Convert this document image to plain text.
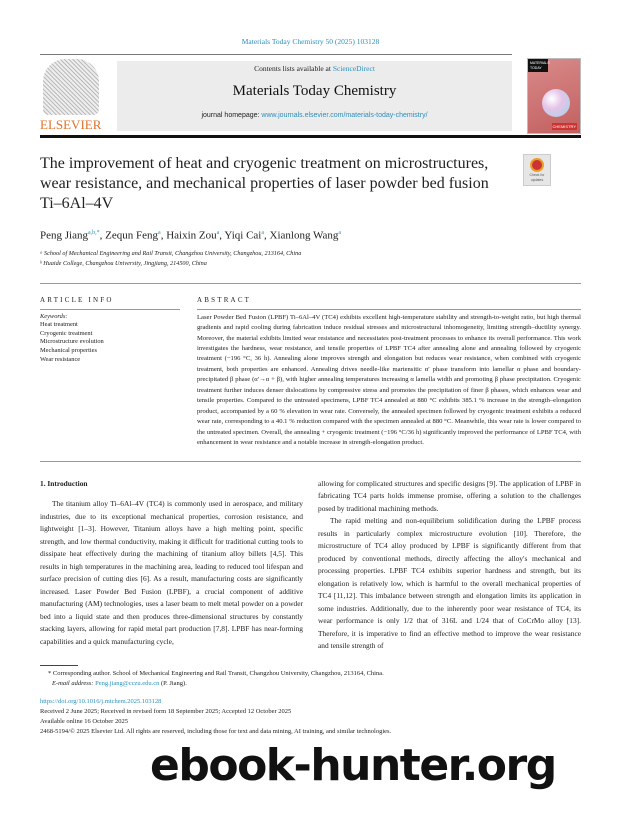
Materials Today Chemistry 50 (2025) 103128
ELSEVIER
Contents lists available at ScienceDirect
Materials Today Chemistry
journal homepage: www.journals.elsevier.com/materials-today-chemistry/
MATERIALS TODAY
CHEMISTRY
The improvement of heat and cryogenic treatment on microstructures, wear resistance, and mechanical properties of laser powder bed fusion Ti–6Al–4V
Check for updates
Peng Jiang$^{a,b,*}$, Zequn Feng$^a$, Haixin Zou$^a$, Yiqi Cai$^a$, Xianlong Wang$^a$
ᵃ School of Mechanical Engineering and Rail Transit, Changzhou University, Changzhou, 213164, China
ᵇ Huaide College, Changzhou University, Jingjiang, 214500, China
ARTICLE INFO
Keywords:
Heat treatment
Cryogenic treatment
Microstructure evolution
Mechanical properties
Wear resistance
ABSTRACT
Laser Powder Bed Fusion (LPBF) Ti–6Al–4V (TC4) exhibits excellent high-temperature stability and strength-to-weight ratio, but high thermal gradients and rapid cooling during fabrication induce residual stresses and microstructural inhomogeneity, limiting strength–ductility synergy. Moreover, the material exhibits limited wear resistance and necessitates post-treatment processes to enhance its overall performance. This work investigates the hardness, wear resistance, and tensile properties of LPBF TC4 after annealing alone and annealing followed by cryogenic treatment (−196 °C, 36 h). Annealing alone improves strength and elongation but reduces wear resistance, when combined with cryogenic treatment, both properties are enhanced. Annealing drives needle-like martensitic α′ phase transform into lamellar α phase and boundary-precipitated β phase (α′→α + β), with higher annealing temperatures increasing α lamella width and promoting β phase precipitation. Cryogenic treatment further induces denser dislocations by compressive stress and promotes the precipitation of finer β phases, which enhances wear and tensile properties. Compared to the untreated specimens, LPBF TC4 annealed at 880 °C exhibits 385.1 % increase in the strength–elongation product, accompanied by a 60 % elevation in wear rate. Conversely, the annealed specimen followed by cryogenic treatment exhibits a reduced wear rate, corresponding to a 40.1 % reduction compared with the specimen annealed at 880 °C. Meanwhile, this wear rate is lower compared to the untreated specimen. Overall, the annealing + cryogenic treatment (−196 °C/36 h) significantly improved the performance of LPBF TC4, with enhancement in wear resistance and a notable increase in strength-elongation product.
1. Introduction

The titanium alloy Ti–6Al–4V (TC4) is commonly used in aerospace, and military industries, due to its exceptional mechanical properties, corrosion resistance, and lightweight [1–3]. However, Titanium alloys have a high melting point, specific strength, and low thermal conductivity, making it difficult for traditional cutting tools to dissipate heat effectively during the machining of titanium alloy billets [4,5]. This results in high temperatures in the machining area, leading to reduced tool lifespan and surface precision of cutting dies [6]. As a result, manufacturing costs are significantly increased. Laser Powder Bed Fusion (LPBF), a crucial component of additive manufacturing (AM) technologies, uses a laser beam to melt metal powder on a powder bed into a liquid state and then produces three-dimensional structures by constantly stacking layers, allowing for rapid metal part production [7,8]. LPBF has near-forming capabilities and a quick manufacturing cycle,

allowing for complicated structures and specific designs [9]. The application of LPBF in fabricating TC4 parts holds immense promise, offering a solution to the challenges posed by traditional machining methods.

The rapid melting and non-equilibrium solidification during the LPBF process results in particularly complex microstructure evolution [10]. Therefore, the microstructure of TC4 alloy produced by LPBF is significantly different from that produced by conventional methods, directly affecting the alloy's mechanical and processing properties. LPBF TC4 exhibits superior hardness and strength, but its elongation is relatively low, which is harmful to the overall mechanical properties of TC4 [11,12]. This imbalance between strength and elongation limits its application in some industries. Additionally, due to the inherently poor wear resistance of TC4, its wear performance is only 1/2 that of 316L and 1/24 that of CoCrMo alloy [13]. Therefore, it is imperative to find an effective method to improve the wear resistance and tensile strength of

* Corresponding author. School of Mechanical Engineering and Rail Transit, Changzhou University, Changzhou, 213164, China.
E-mail address: Peng.jiang@cczu.edu.cn (P. Jiang).
https://doi.org/10.1016/j.mtchem.2025.103128
Received 2 June 2025; Received in revised form 18 September 2025; Accepted 12 October 2025
Available online 16 October 2025
2468-5194/© 2025 Elsevier Ltd. All rights are reserved, including those for text and data mining, AI training, and similar technologies.
ebook-hunter.org
